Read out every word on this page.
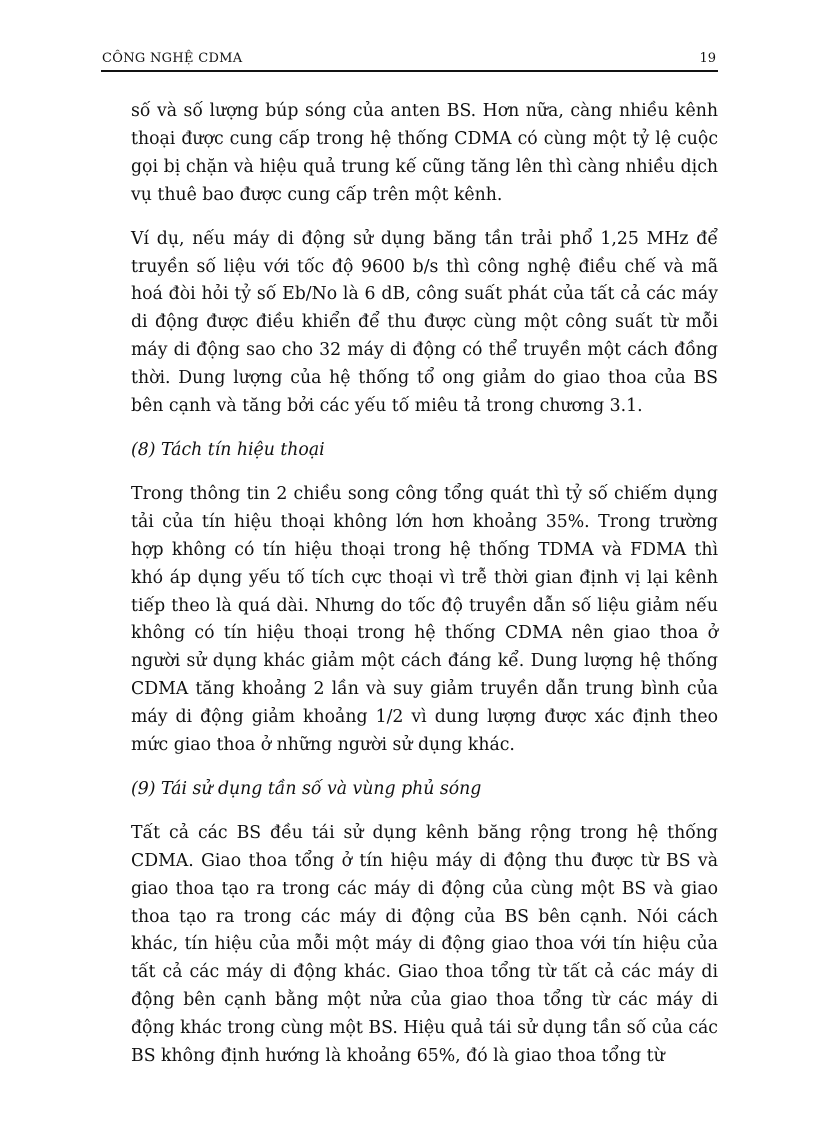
CÔNG NGHỆ CDMA	19

số và số lượng búp sóng của anten BS. Hơn nữa, càng nhiều kênh thoại được cung cấp trong hệ thống CDMA có cùng một tỷ lệ cuộc gọi bị chặn và hiệu quả trung kế cũng tăng lên thì càng nhiều dịch vụ thuê bao được cung cấp trên một kênh.

Ví dụ, nếu máy di động sử dụng băng tần trải phổ 1,25 MHz để truyền số liệu với tốc độ 9600 b/s thì công nghệ điều chế và mã hoá đòi hỏi tỷ số Eb/No là 6 dB, công suất phát của tất cả các máy di động được điều khiển để thu được cùng một công suất từ mỗi máy di động sao cho 32 máy di động có thể truyền một cách đồng thời. Dung lượng của hệ thống tổ ong giảm do giao thoa của BS bên cạnh và tăng bởi các yếu tố miêu tả trong chương 3.1.

(8) Tách tín hiệu thoại

Trong thông tin 2 chiều song công tổng quát thì tỷ số chiếm dụng tải của tín hiệu thoại không lớn hơn khoảng 35%. Trong trường hợp không có tín hiệu thoại trong hệ thống TDMA và FDMA thì khó áp dụng yếu tố tích cực thoại vì trễ thời gian định vị lại kênh tiếp theo là quá dài. Nhưng do tốc độ truyền dẫn số liệu giảm nếu không có tín hiệu thoại trong hệ thống CDMA nên giao thoa ở người sử dụng khác giảm một cách đáng kể. Dung lượng hệ thống CDMA tăng khoảng 2 lần và suy giảm truyền dẫn trung bình của máy di động giảm khoảng 1/2 vì dung lượng được xác định theo mức giao thoa ở những người sử dụng khác.

(9) Tái sử dụng tần số và vùng phủ sóng

Tất cả các BS đều tái sử dụng kênh băng rộng trong hệ thống CDMA. Giao thoa tổng ở tín hiệu máy di động thu được từ BS và giao thoa tạo ra trong các máy di động của cùng một BS và giao thoa tạo ra trong các máy di động của BS bên cạnh. Nói cách khác, tín hiệu của mỗi một máy di động giao thoa với tín hiệu của tất cả các máy di động khác. Giao thoa tổng từ tất cả các máy di động bên cạnh bằng một nửa của giao thoa tổng từ các máy di động khác trong cùng một BS. Hiệu quả tái sử dụng tần số của các BS không định hướng là khoảng 65%, đó là giao thoa tổng từ
